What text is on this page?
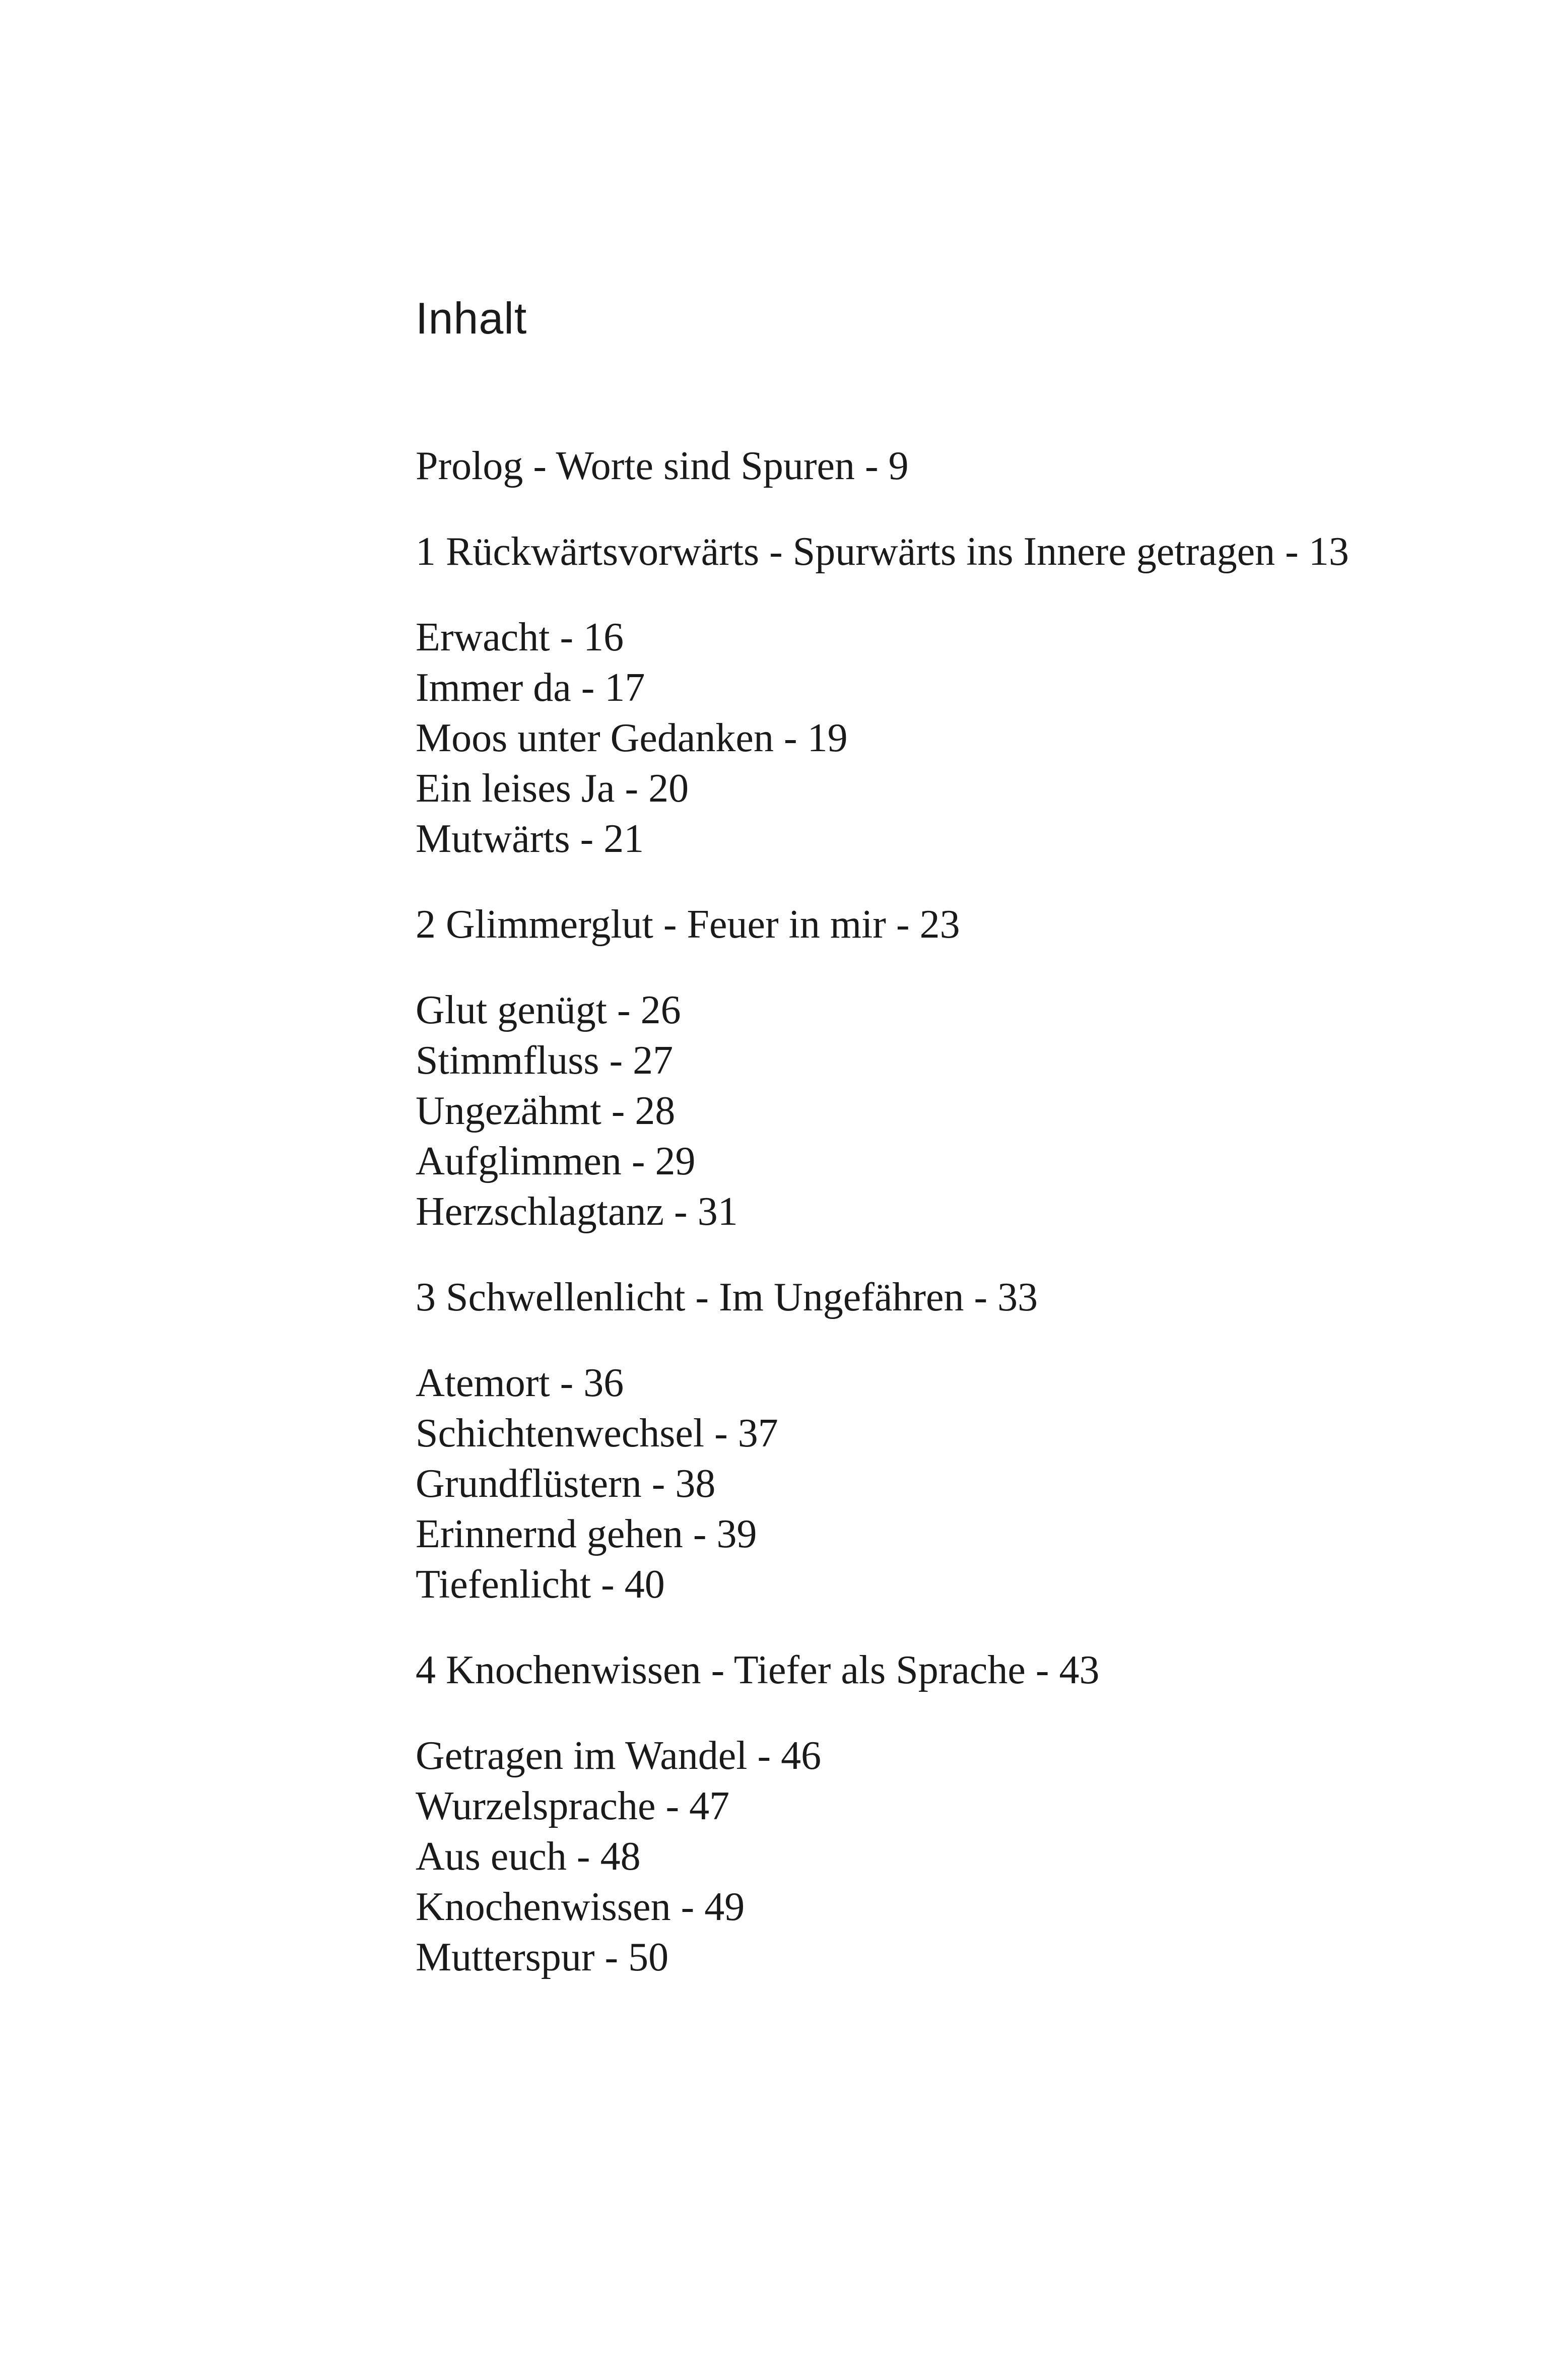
Inhalt

Prolog - Worte sind Spuren - 9

1 Rückwärtsvorwärts - Spurwärts ins Innere getragen - 13

Erwacht - 16

Immer da - 17

Moos unter Gedanken - 19

Ein leises Ja - 20

Mutwärts - 21

2 Glimmerglut - Feuer in mir - 23

Glut genügt - 26

Stimmfluss - 27

Ungezähmt - 28

Aufglimmen - 29

Herzschlagtanz - 31

3 Schwellenlicht - Im Ungefähren - 33

Atemort - 36

Schichtenwechsel - 37

Grundflüstern - 38

Erinnernd gehen - 39

Tiefenlicht - 40

4 Knochenwissen - Tiefer als Sprache - 43

Getragen im Wandel - 46

Wurzelsprache - 47

Aus euch - 48

Knochenwissen - 49

Mutterspur - 50
